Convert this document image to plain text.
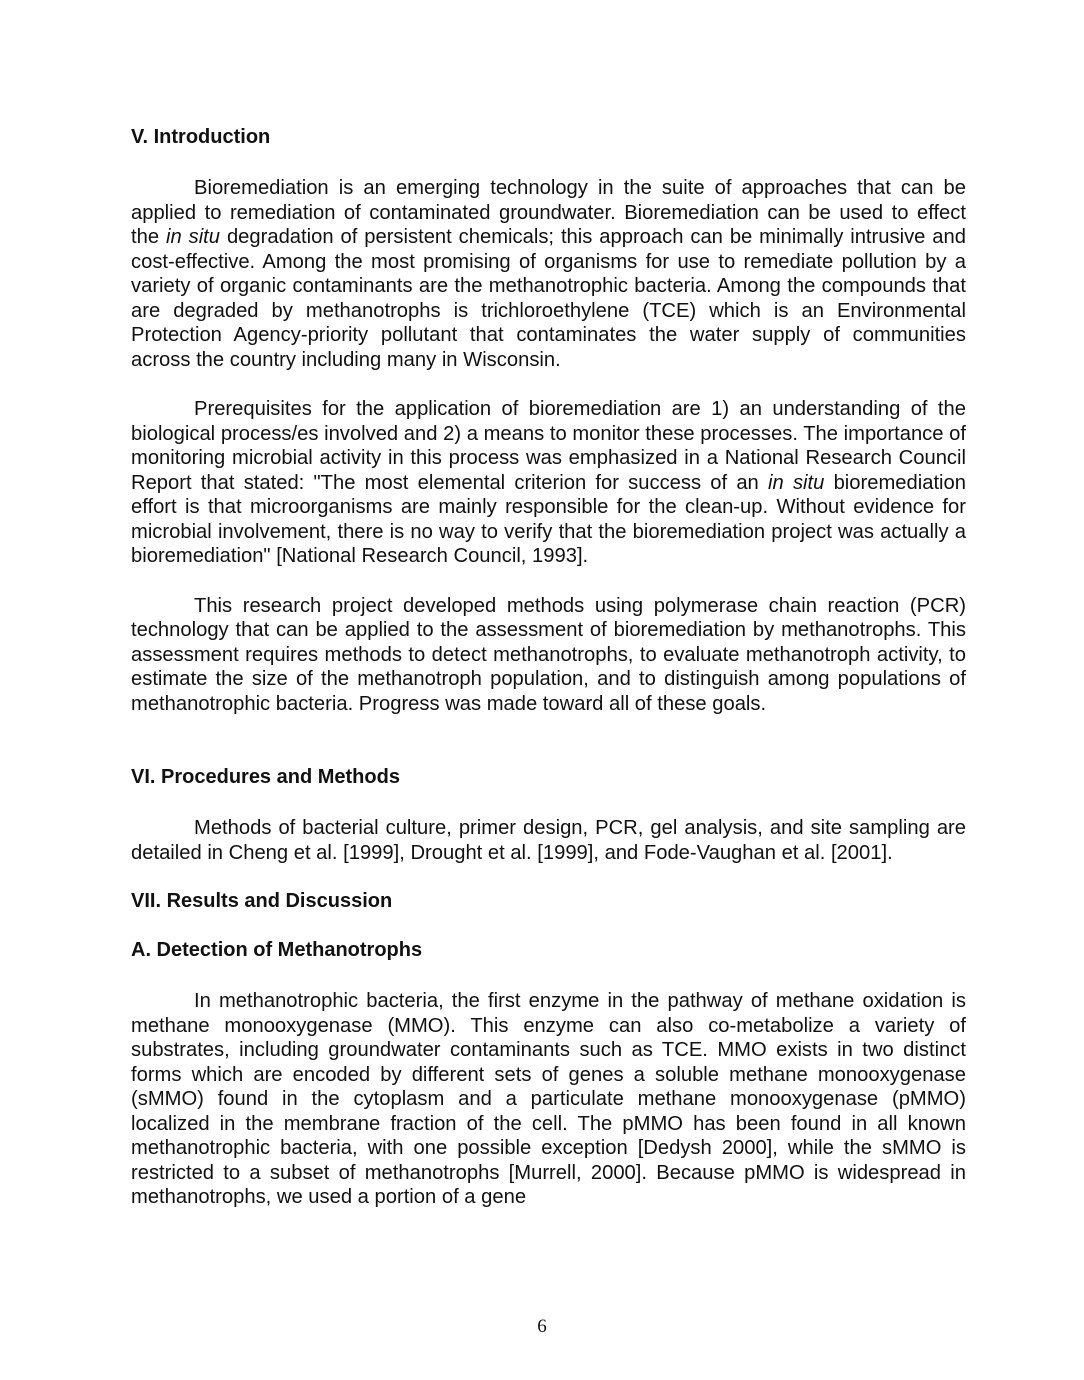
V. Introduction

Bioremediation is an emerging technology in the suite of approaches that can be applied to remediation of contaminated groundwater. Bioremediation can be used to effect the in situ degradation of persistent chemicals; this approach can be minimally intrusive and cost-effective. Among the most promising of organisms for use to remediate pollution by a variety of organic contaminants are the methanotrophic bacteria. Among the compounds that are degraded by methanotrophs is trichloroethylene (TCE) which is an Environmental Protection Agency-priority pollutant that contaminates the water supply of communities across the country including many in Wisconsin.

Prerequisites for the application of bioremediation are 1) an understanding of the biological process/es involved and 2) a means to monitor these processes. The importance of monitoring microbial activity in this process was emphasized in a National Research Council Report that stated: "The most elemental criterion for success of an in situ bioremediation effort is that microorganisms are mainly responsible for the clean-up. Without evidence for microbial involvement, there is no way to verify that the bioremediation project was actually a bioremediation" [National Research Council, 1993].

This research project developed methods using polymerase chain reaction (PCR) technology that can be applied to the assessment of bioremediation by methanotrophs. This assessment requires methods to detect methanotrophs, to evaluate methanotroph activity, to estimate the size of the methanotroph population, and to distinguish among populations of methanotrophic bacteria. Progress was made toward all of these goals.

VI. Procedures and Methods

Methods of bacterial culture, primer design, PCR, gel analysis, and site sampling are detailed in Cheng et al. [1999], Drought et al. [1999], and Fode-Vaughan et al. [2001].

VII. Results and Discussion
A. Detection of Methanotrophs

In methanotrophic bacteria, the first enzyme in the pathway of methane oxidation is methane monooxygenase (MMO). This enzyme can also co-metabolize a variety of substrates, including groundwater contaminants such as TCE. MMO exists in two distinct forms which are encoded by different sets of genes a soluble methane monooxygenase (sMMO) found in the cytoplasm and a particulate methane monooxygenase (pMMO) localized in the membrane fraction of the cell. The pMMO has been found in all known methanotrophic bacteria, with one possible exception [Dedysh 2000], while the sMMO is restricted to a subset of methanotrophs [Murrell, 2000]. Because pMMO is widespread in methanotrophs, we used a portion of a gene

6
